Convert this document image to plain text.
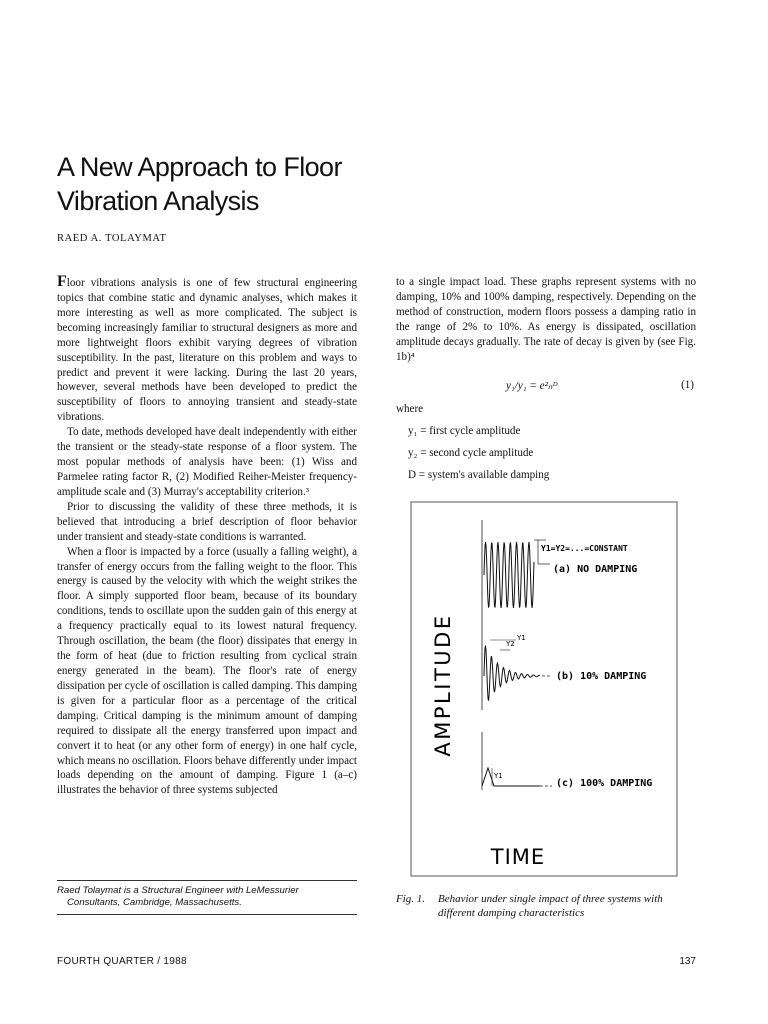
A New Approach to Floor
Vibration Analysis
RAED A. TOLAYMAT

Floor vibrations analysis is one of few structural engineering topics that combine static and dynamic analyses, which makes it more interesting as well as more complicated. The subject is becoming increasingly familiar to structural designers as more and more lightweight floors exhibit varying degrees of vibration susceptibility. In the past, literature on this problem and ways to predict and prevent it were lacking. During the last 20 years, however, several methods have been developed to predict the susceptibility of floors to annoying transient and steady-state vibrations.

To date, methods developed have dealt independently with either the transient or the steady-state response of a floor system. The most popular methods of analysis have been: (1) Wiss and Parmelee rating factor R, (2) Modified Reiher-Meister frequency-amplitude scale and (3) Murray's acceptability criterion.³

Prior to discussing the validity of these three methods, it is believed that introducing a brief description of floor behavior under transient and steady-state conditions is warranted.

When a floor is impacted by a force (usually a falling weight), a transfer of energy occurs from the falling weight to the floor. This energy is caused by the velocity with which the weight strikes the floor. A simply supported floor beam, because of its boundary conditions, tends to oscillate upon the sudden gain of this energy at a frequency practically equal to its lowest natural frequency. Through oscillation, the beam (the floor) dissipates that energy in the form of heat (due to friction resulting from cyclical strain energy generated in the beam). The floor's rate of energy dissipation per cycle of oscillation is called damping. This damping is given for a particular floor as a percentage of the critical damping. Critical damping is the minimum amount of damping required to dissipate all the energy transferred upon impact and convert it to heat (or any other form of energy) in one half cycle, which means no oscillation. Floors behave differently under impact loads depending on the amount of damping. Figure 1 (a–c) illustrates the behavior of three systems subjected

to a single impact load. These graphs represent systems with no damping, 10% and 100% damping, respectively. Depending on the method of construction, modern floors possess a damping ratio in the range of 2% to 10%. As energy is dissipated, oscillation amplitude decays gradually. The rate of decay is given by (see Fig. 1b)⁴

y₁/y₁ = e²ₙᴰ	(1)
where
y₁ = first cycle amplitude
y₂ = second cycle amplitude
D = system's available damping
AMPLITUDE
TIME
Y1=Y2=...=CONSTANT
(a) NO DAMPING
Y2
Y1
(b) 10% DAMPING
Y1
(c) 100% DAMPING
Raed Tolaymat is a Structural Engineer with LeMessurier
Consultants, Cambridge, Massachusetts.	Fig. 1. Behavior under single impact of three systems with different damping characteristics
FOURTH QUARTER / 1988	137
